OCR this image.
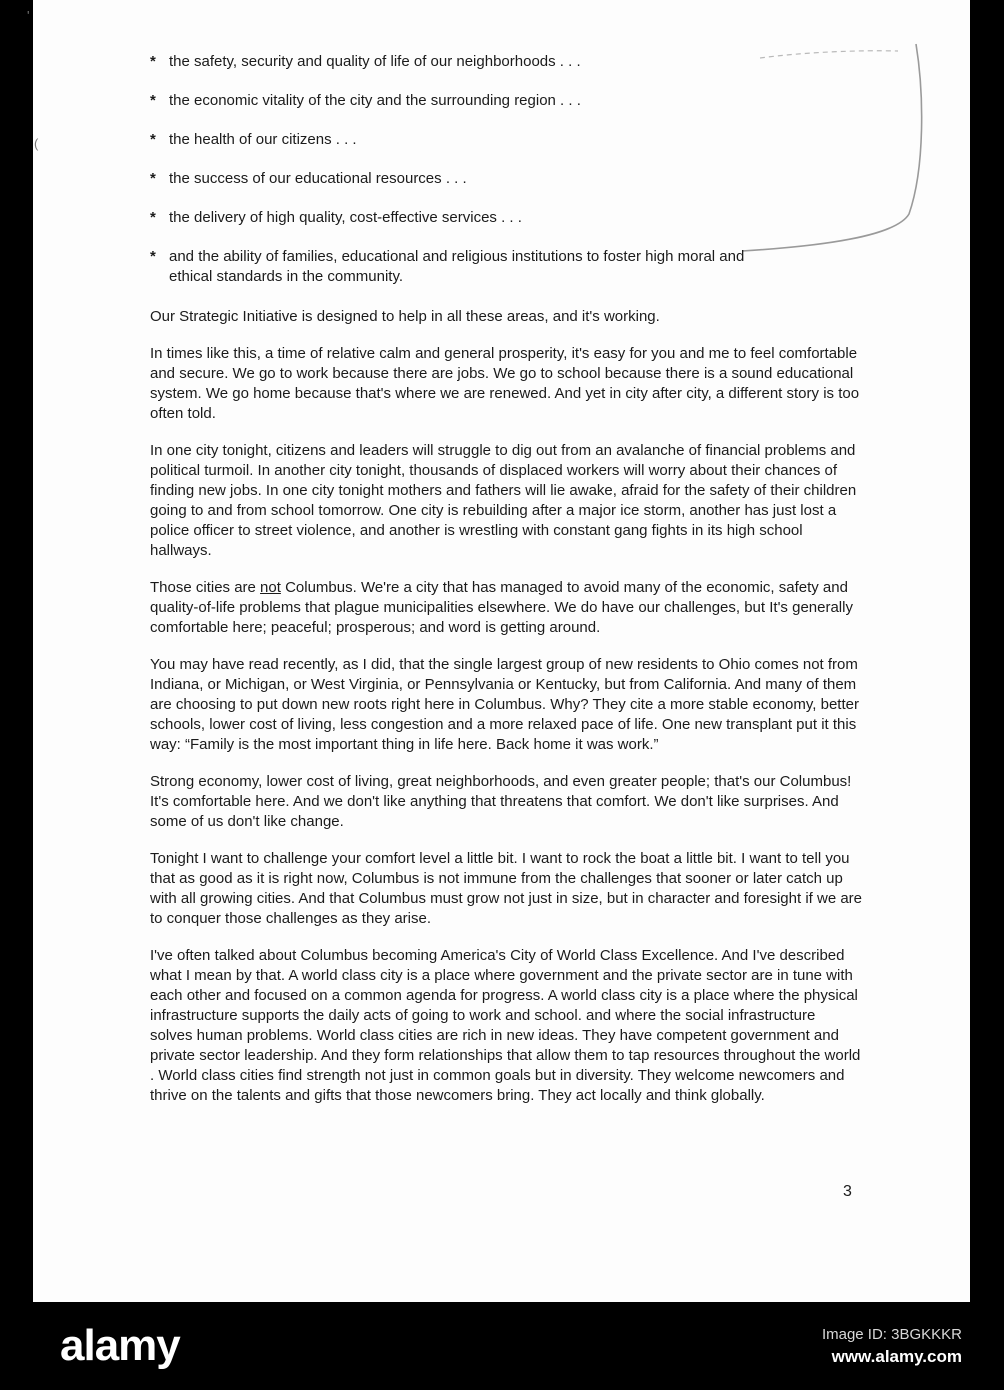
'
(
* the safety, security and quality of life of our neighborhoods . . .
* the economic vitality of the city and the surrounding region . . .
* the health of our citizens . . .
* the success of our educational resources . . .
* the delivery of high quality, cost-effective services . . .
* and the ability of families, educational and religious institutions to foster high moral and ethical standards in the community.

Our Strategic Initiative is designed to help in all these areas, and it's working.

In times like this, a time of relative calm and general prosperity, it's easy for you and me to feel comfortable and secure. We go to work because there are jobs. We go to school because there is a sound educational system. We go home because that's where we are renewed. And yet in city after city, a different story is too often told.

In one city tonight, citizens and leaders will struggle to dig out from an avalanche of financial problems and political turmoil. In another city tonight, thousands of displaced workers will worry about their chances of finding new jobs. In one city tonight mothers and fathers will lie awake, afraid for the safety of their children going to and from school tomorrow. One city is rebuilding after a major ice storm, another has just lost a police officer to street violence, and another is wrestling with constant gang fights in its high school hallways.

Those cities are not Columbus. We're a city that has managed to avoid many of the economic, safety and quality-of-life problems that plague municipalities elsewhere. We do have our challenges, but It's generally comfortable here; peaceful; prosperous; and word is getting around.

You may have read recently, as I did, that the single largest group of new residents to Ohio comes not from Indiana, or Michigan, or West Virginia, or Pennsylvania or Kentucky, but from California. And many of them are choosing to put down new roots right here in Columbus. Why? They cite a more stable economy, better schools, lower cost of living, less congestion and a more relaxed pace of life. One new transplant put it this way: “Family is the most important thing in life here. Back home it was work.”

Strong economy, lower cost of living, great neighborhoods, and even greater people; that's our Columbus! It's comfortable here. And we don't like anything that threatens that comfort. We don't like surprises. And some of us don't like change.

Tonight I want to challenge your comfort level a little bit. I want to rock the boat a little bit. I want to tell you that as good as it is right now, Columbus is not immune from the challenges that sooner or later catch up with all growing cities. And that Columbus must grow not just in size, but in character and foresight if we are to conquer those challenges as they arise.

I've often talked about Columbus becoming America's City of World Class Excellence. And I've described what I mean by that. A world class city is a place where government and the private sector are in tune with each other and focused on a common agenda for progress. A world class city is a place where the physical infrastructure supports the daily acts of going to work and school. and where the social infrastructure solves human problems. World class cities are rich in new ideas. They have competent government and private sector leadership. And they form relationships that allow them to tap resources throughout the world . World class cities find strength not just in common goals but in diversity. They welcome newcomers and thrive on the talents and gifts that those newcomers bring. They act locally and think globally.

3
alamy	Image ID: 3BGKKKR
www.alamy.com
